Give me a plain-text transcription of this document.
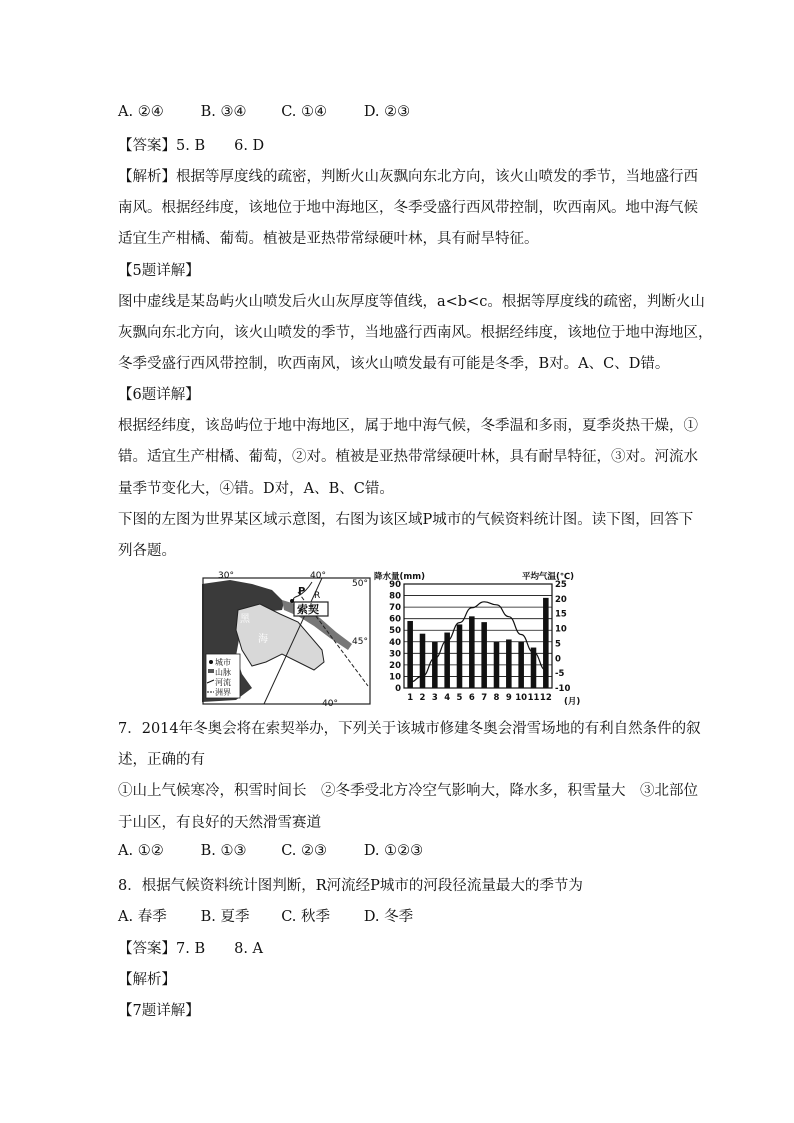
A. ②④	B. ③④ C. ①④	D. ②③
【答案】5. B　　6. D
【解析】根据等厚度线的疏密，判断火山灰飘向东北方向，该火山喷发的季节，当地盛行西
南风。根据经纬度，该地位于地中海地区，冬季受盛行西风带控制，吹西南风。地中海气候
适宜生产柑橘、葡萄。植被是亚热带常绿硬叶林，具有耐旱特征。
【5题详解】
图中虚线是某岛屿火山喷发后火山灰厚度等值线，a<b<c。根据等厚度线的疏密，判断火山
灰飘向东北方向，该火山喷发的季节，当地盛行西南风。根据经纬度，该地位于地中海地区，
冬季受盛行西风带控制，吹西南风，该火山喷发最有可能是冬季，B对。A、C、D错。
【6题详解】
根据经纬度，该岛屿位于地中海地区，属于地中海气候，冬季温和多雨，夏季炎热干燥，①
错。适宜生产柑橘、葡萄，②对。植被是亚热带常绿硬叶林，具有耐旱特征，③对。河流水
量季节变化大，④错。D对，A、B、C错。
下图的左图为世界某区域示意图，右图为该区域P城市的气候资料统计图。读下图，回答下
列各题。
索契
P R
黑
海
30°	40°
50°
45°
40°
城市
山脉
河流
洲界
降水量(mm)	平均气温(℃)
0
10
20
30
40
50
60
70
80
90
-10
-5
0
5
10
15
20
25
1 2 3 4 5 6 7 8 9 10 11 12 (月)
7．2014年冬奥会将在索契举办，下列关于该城市修建冬奥会滑雪场地的有利自然条件的叙
述，正确的有
①山上气候寒冷，积雪时间长　②冬季受北方冷空气影响大，降水多，积雪量大　③北部位
于山区，有良好的天然滑雪赛道
A. ①②	B. ①③ C. ②③	D. ①②③
8．根据气候资料统计图判断，R河流经P城市的河段径流量最大的季节为
A. 春季 B. 夏季 C. 秋季 D. 冬季
【答案】7. B　　8. A
【解析】
【7题详解】
